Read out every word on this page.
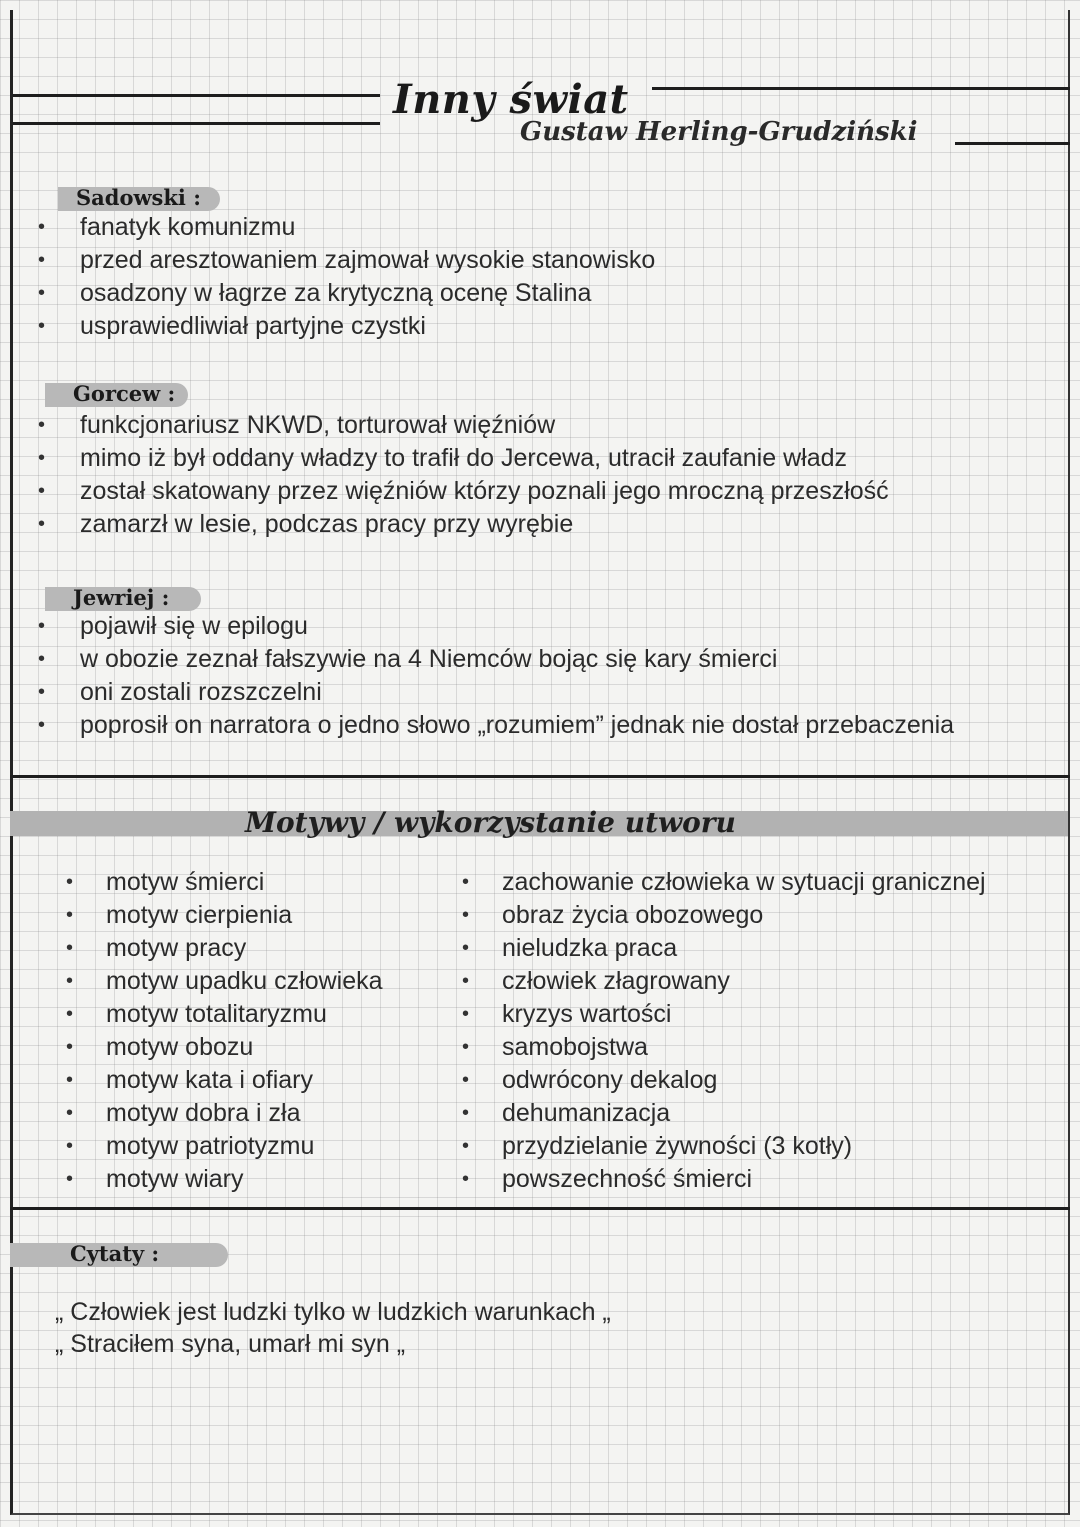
Inny świat
Gustaw Herling-Grudziński
Sadowski :
• fanatyk komunizmu
• przed aresztowaniem zajmował wysokie stanowisko
• osadzony w łagrze za krytyczną ocenę Stalina
• usprawiedliwiał partyjne czystki
Gorcew :
• funkcjonariusz NKWD, torturował więźniów
• mimo iż był oddany władzy to trafił do Jercewa, utracił zaufanie władz
• został skatowany przez więźniów którzy poznali jego mroczną przeszłość
• zamarzł w lesie, podczas pracy przy wyrębie
Jewriej :
• pojawił się w epilogu
• w obozie zeznał fałszywie na 4 Niemców bojąc się kary śmierci
• oni zostali rozszczelni
• poprosił on narratora o jedno słowo „rozumiem” jednak nie dostał przebaczenia
Motywy / wykorzystanie utworu
• motyw śmierci
• motyw cierpienia
• motyw pracy
• motyw upadku człowieka
• motyw totalitaryzmu
• motyw obozu
• motyw kata i ofiary
• motyw dobra i zła
• motyw patriotyzmu
• motyw wiary
• zachowanie człowieka w sytuacji granicznej
• obraz życia obozowego
• nieludzka praca
• człowiek złagrowany
• kryzys wartości
• samobojstwa
• odwrócony dekalog
• dehumanizacja
• przydzielanie żywności (3 kotły)
• powszechność śmierci
Cytaty :
„ Człowiek jest ludzki tylko w ludzkich warunkach „
„ Straciłem syna, umarł mi syn „
